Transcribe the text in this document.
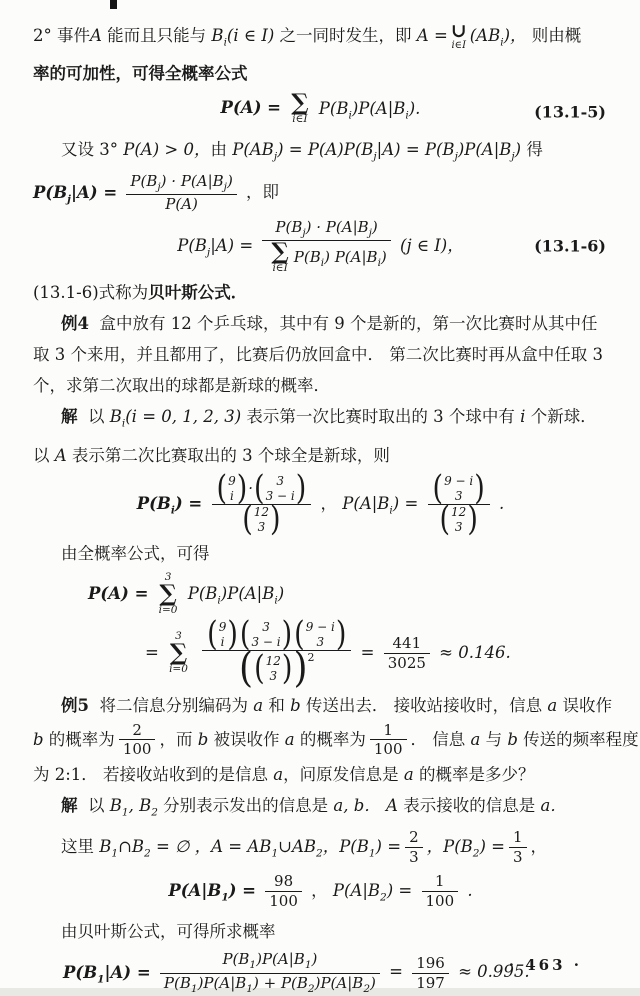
2° 事件A 能而且只能与 $B_i(i$ ∈ I) 之一同时发生，即 A = ∪
i∈I
$(AB_i)$， 则由概
率的可加性，可得全概率公式
P(A) = ∑
i∈I
$P(B_i)P(A|B_i)$.	(13.1-5)
又设 3° P(A) > 0，由 $P(AB_j) = P(A)P(B_j|A) = P(B_j)P(A|B_j)$ 得
$P(B_j|A) = \frac{P(B_j) \cdot P(A|B_j)}{P(A)}$ ，即
$P(B_j|A) = P(B_j) \cdot P(A|B_j)$
∑
i∈I
$P(B_i)$ $P(A|B_i)$ (j ∈ I)，	(13.1-6)
(13.1-6)式称为贝叶斯公式．
例4 盒中放有 12 个乒乓球，其中有 9 个是新的，第一次比赛时从其中任
取 3 个来用，并且都用了，比赛后仍放回盒中． 第二次比赛时再从盒中任取 3
个，求第二次取出的球都是新球的概率．
解 以 $B_i(i = 0$, 1, 2, 3) 表示第一次比赛时取出的 3 个球中有 i 个新球．
以 A 表示第二次比赛取出的 3 个球全是新球，则
$P(B_i)$ = ( 9
i )·( 3
3 − i )
( 12
3 ) ， $P(A|B_i)$ = ( 9 − i
3 )
( 12
3 ) .
由全概率公式，可得
P(A) =
3
∑
i=0
$P(B_i)P(A|B_i)$
=
3
∑
i=0
( 9
i )( 3
3 − i )( 9 − i
3 )
(( 12
3 ))$^2 = \frac{441}{3025} \approx 0.146$.
例5 将二信息分别编码为 a 和 b 传送出去． 接收站接收时，信息 a 误收作
b 的概率为 $\frac{2}{100}$ ，而 b 被误收作 a 的概率为 $\frac{1}{100}$ ． 信息 a 与 b 传送的频率程度
为 2:1． 若接收站收到的是信息 a，问原发信息是 a 的概率是多少？
解 以 $B_1$, $B_2$ 分别表示发出的信息是 a, b． A 表示接收的信息是 a．
这里 $B_1\cap B_2$ = ∅ ，$A = AB_1\cup AB_2$，$P(B_1) = \frac{2}{3}$ ，$P(B_2) = \frac{1}{3}$ ，
$P(A|B_1) = \frac{98}{100}$ ， $P(A|B_2) = \frac{1}{100}$ .
由贝叶斯公式，可得所求概率
$P(B_1|A) = \frac{P(B_1)P(A|B_1)}{P(B_1)P(A|B_1) + P(B_2)P(A|B_2)} = \frac{196}{197} \approx 0.995$.
· 463 ·
